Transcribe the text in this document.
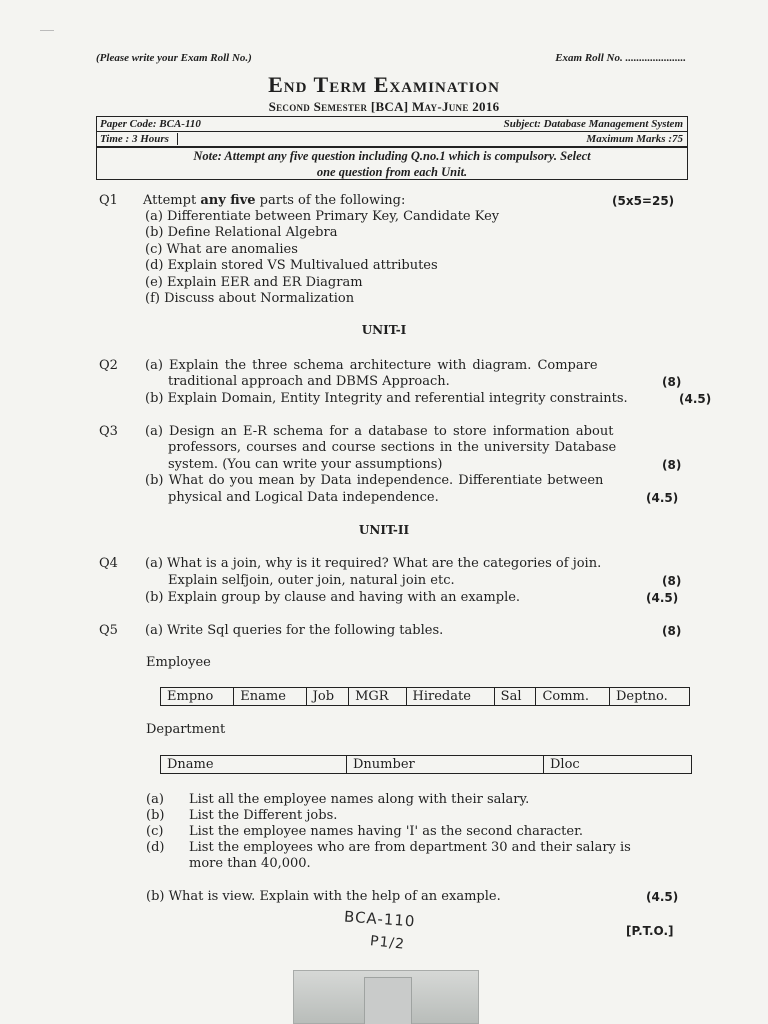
(Please write your Exam Roll No.)	Exam Roll No. ......................
End Term Examination
Second Semester [BCA] May-June 2016
Paper Code: BCA-110	Subject: Database Management System
Time : 3 Hours	Maximum Marks :75
Note: Attempt any five question including Q.no.1 which is compulsory. Select
one question from each Unit.
Q1 Attempt any five parts of the following:	(5x5=25)
(a) Differentiate between Primary Key, Candidate Key
(b) Define Relational Algebra
(c) What are anomalies
(d) Explain stored VS Multivalued attributes
(e) Explain EER and ER Diagram
(f) Discuss about Normalization
UNIT-I
Q2 (a) Explain the three schema architecture with diagram. Compare
traditional approach and DBMS Approach.	(8)
(b) Explain Domain, Entity Integrity and referential integrity constraints.	(4.5)
Q3 (a) Design an E-R schema for a database to store information about
professors, courses and course sections in the university Database
system. (You can write your assumptions)	(8)
(b) What do you mean by Data independence. Differentiate between
physical and Logical Data independence.	(4.5)
UNIT-II
Q4 (a) What is a join, why is it required? What are the categories of join.
Explain selfjoin, outer join, natural join etc.	(8)
(b) Explain group by clause and having with an example.	(4.5)
Q5 (a) Write Sql queries for the following tables.	(8)
Employee
Empno	Ename	Job	MGR	Hiredate	Sal	Comm.	Deptno.
Department
Dname	Dnumber	Dloc
(a) List all the employee names along with their salary.
(b) List the Different jobs.
(c) List the employee names having 'I' as the second character.
(d) List the employees who are from department 30 and their salary is
more than 40,000.
(b) What is view. Explain with the help of an example.	(4.5)
BCA-110
P1/2
[P.T.O.]
